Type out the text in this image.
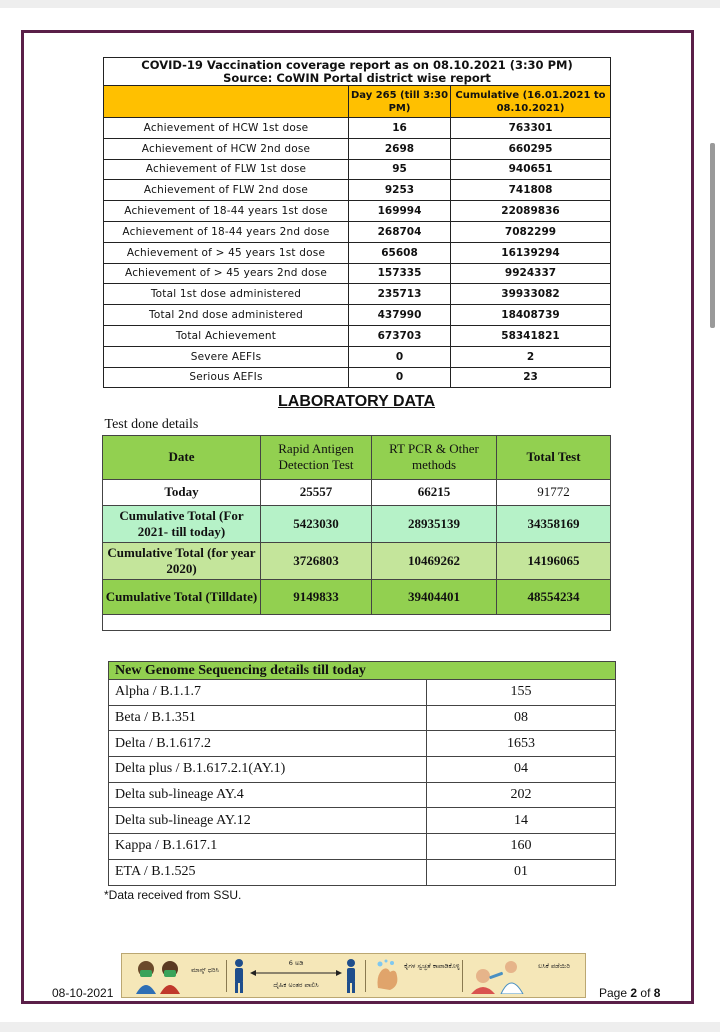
COVID-19 Vaccination coverage report as on 08.10.2021 (3:30 PM)
Source: CoWIN Portal district wise report		

	Day 265 (till 3:30 PM)	Cumulative (16.01.2021 to 08.10.2021)
Achievement of HCW 1st dose	16	763301
Achievement of HCW 2nd dose	2698	660295
Achievement of FLW 1st dose	95	940651
Achievement of FLW 2nd dose	9253	741808
Achievement of 18-44 years 1st dose	169994	22089836
Achievement of 18-44 years 2nd dose	268704	7082299
Achievement of > 45 years 1st dose	65608	16139294
Achievement of > 45 years 2nd dose	157335	9924337
Total 1st dose administered	235713	39933082
Total 2nd dose administered	437990	18408739
Total Achievement	673703	58341821
Severe AEFIs	0	2
Serious AEFIs	0	23
LABORATORY DATA
Test done details			
Date	Rapid Antigen Detection Test	RT PCR & Other methods	Total Test
Today	25557	66215	91772
Cumulative Total (For 2021- till today)	5423030	28935139	34358169
Cumulative Total (for year 2020)	3726803	10469262	14196065
Cumulative Total (Tilldate)	9149833	39404401	48554234

New Genome Sequencing details till today	
Alpha / B.1.1.7	155
Beta / B.1.351	08
Delta / B.1.617.2	1653
Delta plus / B.1.617.2.1(AY.1)	04
Delta sub-lineage AY.4	202
Delta sub-lineage AY.12	14
Kappa / B.1.617.1	160
ETA / B.1.525	01
*Data received from SSU.
08-10-2021	Page 2 of 8
ಮಾಸ್ಕ್ ಧರಿಸಿ
6 ಅಡಿ
ದೈಹಿಕ ಅಂತರ ಪಾಲಿಸಿ
ಕೈಗಳ ಸ್ವಚ್ಛತೆ ಕಾಪಾಡಿಕೊಳ್ಳಿ	ಲಸಿಕೆ ಪಡೆಯಿರಿ
